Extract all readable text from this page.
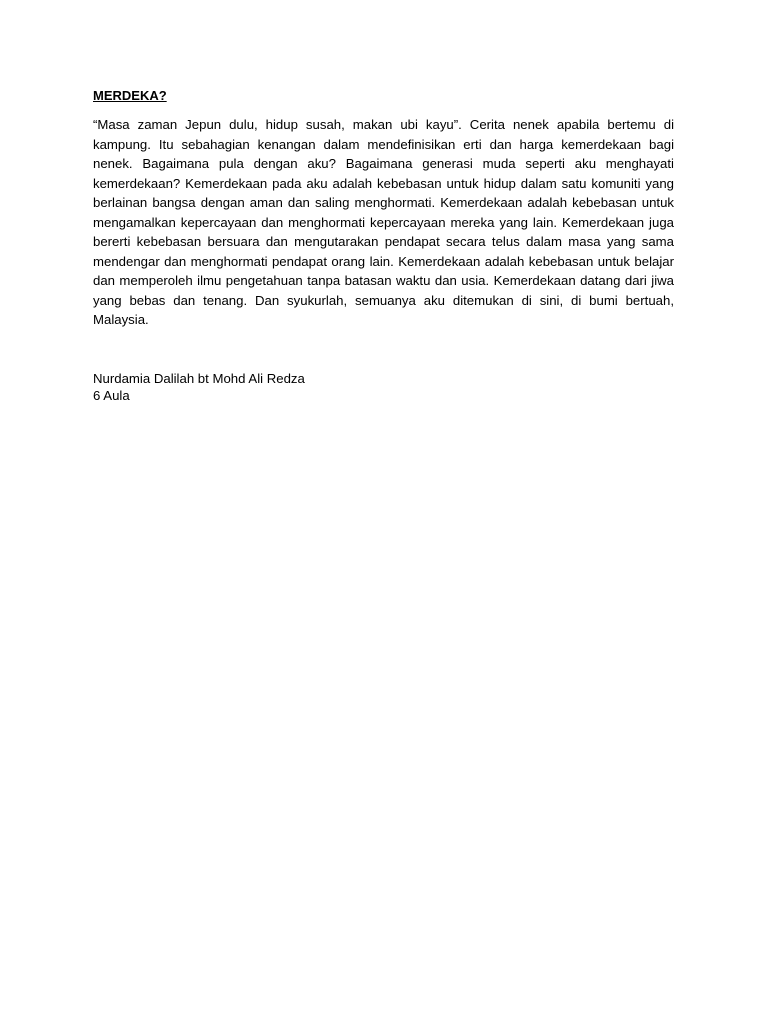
MERDEKA?

“Masa zaman Jepun dulu, hidup susah, makan ubi kayu”. Cerita nenek apabila bertemu di kampung. Itu sebahagian kenangan dalam mendefinisikan erti dan harga kemerdekaan bagi nenek. Bagaimana pula dengan aku? Bagaimana generasi muda seperti aku menghayati kemerdekaan? Kemerdekaan pada aku adalah kebebasan untuk hidup dalam satu komuniti yang berlainan bangsa dengan aman dan saling menghormati. Kemerdekaan adalah kebebasan untuk mengamalkan kepercayaan dan menghormati kepercayaan mereka yang lain. Kemerdekaan juga bererti kebebasan bersuara dan mengutarakan pendapat secara telus dalam masa yang sama mendengar dan menghormati pendapat orang lain. Kemerdekaan adalah kebebasan untuk belajar dan memperoleh ilmu pengetahuan tanpa batasan waktu dan usia. Kemerdekaan datang dari jiwa yang bebas dan tenang. Dan syukurlah, semuanya aku ditemukan di sini, di bumi bertuah, Malaysia.

Nurdamia Dalilah bt Mohd Ali Redza
6 Aula
